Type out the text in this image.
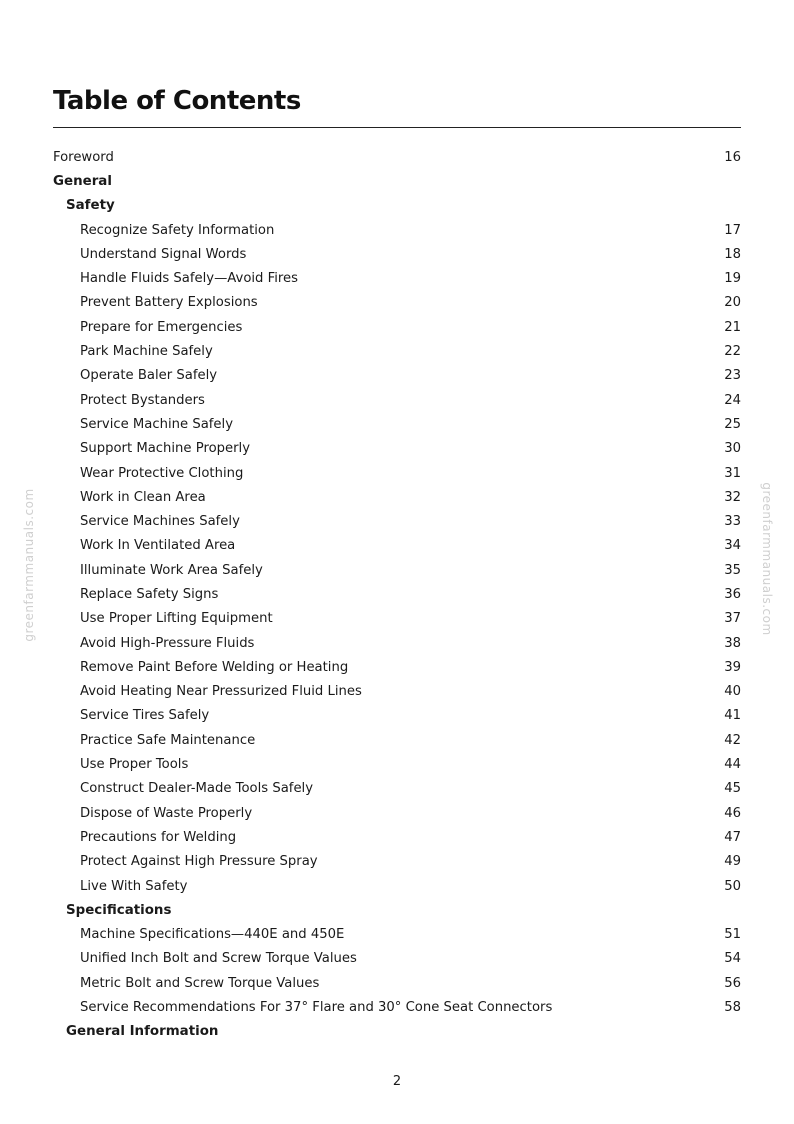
Table of Contents
Foreword	16
General
Safety
Recognize Safety Information	17
Understand Signal Words	18
Handle Fluids Safely—Avoid Fires	19
Prevent Battery Explosions	20
Prepare for Emergencies	21
Park Machine Safely	22
Operate Baler Safely	23
Protect Bystanders	24
Service Machine Safely	25
Support Machine Properly	30
Wear Protective Clothing	31
Work in Clean Area	32
Service Machines Safely	33
Work In Ventilated Area	34
Illuminate Work Area Safely	35
Replace Safety Signs	36
Use Proper Lifting Equipment	37
Avoid High-Pressure Fluids	38
Remove Paint Before Welding or Heating	39
Avoid Heating Near Pressurized Fluid Lines	40
Service Tires Safely	41
Practice Safe Maintenance	42
Use Proper Tools	44
Construct Dealer-Made Tools Safely	45
Dispose of Waste Properly	46
Precautions for Welding	47
Protect Against High Pressure Spray	49
Live With Safety	50
Specifications
Machine Specifications—440E and 450E	51
Unified Inch Bolt and Screw Torque Values	54
Metric Bolt and Screw Torque Values	56
Service Recommendations For 37° Flare and 30° Cone Seat Connectors	58
General Information
greenfarmmanuals.com	greenfarmmanuals.com
2
